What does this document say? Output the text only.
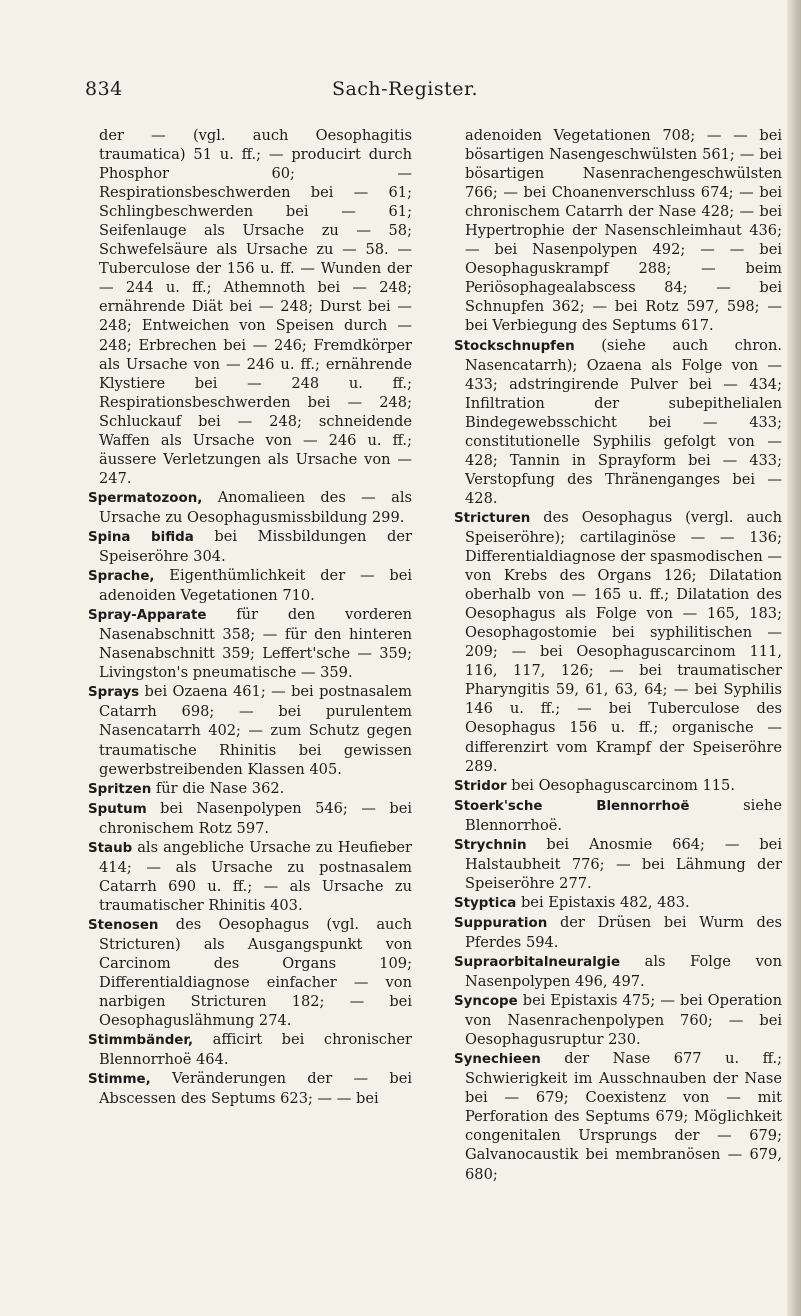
834	Sach-Register.

der — (vgl. auch Oesophagitis traumatica) 51 u. ff.; — producirt durch Phosphor 60; — Respirationsbeschwerden bei — 61; Schlingbeschwerden bei — 61; Seifenlauge als Ursache zu — 58; Schwefelsäure als Ursache zu — 58. — Tuberculose der 156 u. ff. — Wunden der — 244 u. ff.; Athemnoth bei — 248; ernährende Diät bei — 248; Durst bei — 248; Entweichen von Speisen durch — 248; Erbrechen bei — 246; Fremdkörper als Ursache von — 246 u. ff.; ernährende Klystiere bei — 248 u. ff.; Respirationsbeschwerden bei — 248; Schluckauf bei — 248; schneidende Waffen als Ursache von — 246 u. ff.; äussere Verletzungen als Ursache von — 247.

Spermatozoon, Anomalieen des — als Ursache zu Oesophagusmissbildung 299.

Spina bifida bei Missbildungen der Speiseröhre 304.

Sprache, Eigenthümlichkeit der — bei adenoiden Vegetationen 710.

Spray-Apparate für den vorderen Nasenabschnitt 358; — für den hinteren Nasenabschnitt 359; Leffert'sche — 359; Livingston's pneumatische — 359.

Sprays bei Ozaena 461; — bei postnasalem Catarrh 698; — bei purulentem Nasencatarrh 402; — zum Schutz gegen traumatische Rhinitis bei gewissen gewerbstreibenden Klassen 405.

Spritzen für die Nase 362.

Sputum bei Nasenpolypen 546; — bei chronischem Rotz 597.

Staub als angebliche Ursache zu Heufieber 414; — als Ursache zu postnasalem Catarrh 690 u. ff.; — als Ursache zu traumatischer Rhinitis 403.

Stenosen des Oesophagus (vgl. auch Stricturen) als Ausgangspunkt von Carcinom des Organs 109; Differentialdiagnose einfacher — von narbigen Stricturen 182; — bei Oesophaguslähmung 274.

Stimmbänder, afficirt bei chronischer Blennorrhoë 464.

Stimme, Veränderungen der — bei Abscessen des Septums 623; — — bei

adenoiden Vegetationen 708; — — bei bösartigen Nasengeschwülsten 561; — bei bösartigen Nasenrachengeschwülsten 766; — bei Choanenverschluss 674; — bei chronischem Catarrh der Nase 428; — bei Hypertrophie der Nasenschleimhaut 436; — bei Nasenpolypen 492; — — bei Oesophaguskrampf 288; — beim Periösophagealabscess 84; — bei Schnupfen 362; — bei Rotz 597, 598; — bei Verbiegung des Septums 617.

Stockschnupfen (siehe auch chron. Nasencatarrh); Ozaena als Folge von — 433; adstringirende Pulver bei — 434; Infiltration der subepithelialen Bindegewebsschicht bei — 433; constitutionelle Syphilis gefolgt von — 428; Tannin in Sprayform bei — 433; Verstopfung des Thränenganges bei — 428.

Stricturen des Oesophagus (vergl. auch Speiseröhre); cartilaginöse — — 136; Differentialdiagnose der spasmodischen — von Krebs des Organs 126; Dilatation oberhalb von — 165 u. ff.; Dilatation des Oesophagus als Folge von — 165, 183; Oesophagostomie bei syphilitischen — 209; — bei Oesophaguscarcinom 111, 116, 117, 126; — bei traumatischer Pharyngitis 59, 61, 63, 64; — bei Syphilis 146 u. ff.; — bei Tuberculose des Oesophagus 156 u. ff.; organische — differenzirt vom Krampf der Speiseröhre 289.

Stridor bei Oesophaguscarcinom 115.

Stoerk'sche Blennorrhoë siehe Blennorrhoë.

Strychnin bei Anosmie 664; — bei Halstaubheit 776; — bei Lähmung der Speiseröhre 277.

Styptica bei Epistaxis 482, 483.

Suppuration der Drüsen bei Wurm des Pferdes 594.

Supraorbitalneuralgie als Folge von Nasenpolypen 496, 497.

Syncope bei Epistaxis 475; — bei Operation von Nasenrachenpolypen 760; — bei Oesophagusruptur 230.

Synechieen der Nase 677 u. ff.; Schwierigkeit im Ausschnauben der Nase bei — 679; Coexistenz von — mit Perforation des Septums 679; Möglichkeit congenitalen Ursprungs der — 679; Galvanocaustik bei membranösen — 679, 680;
